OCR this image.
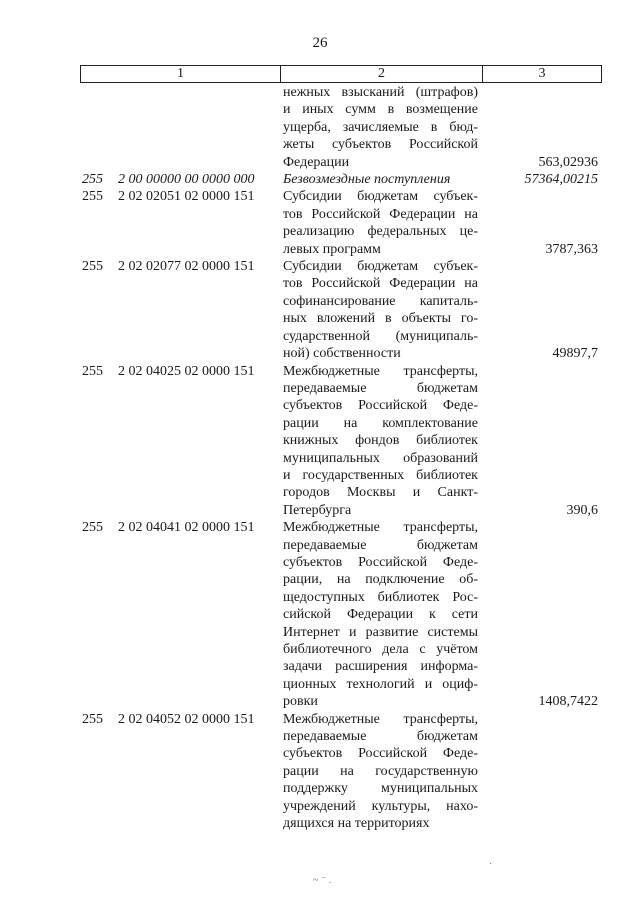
26
1	2	3
нежных взысканий (штрафов)
и иных сумм в возмещение
ущерба, зачисляемые в бюд-
жеты субъектов Российской
Федерации	563,02936
255 2 00 00000 00 0000 000 Безвозмездные поступления	57364,00215
255 2 02 02051 02 0000 151 Субсидии бюджетам субъек-
тов Российской Федерации на
реализацию федеральных це-
левых программ	3787,363
255 2 02 02077 02 0000 151 Субсидии бюджетам субъек-
тов Российской Федерации на
софинансирование капиталь-
ных вложений в объекты го-
сударственной (муниципаль-
ной) собственности	49897,7
255 2 02 04025 02 0000 151 Межбюджетные трансферты,
передаваемые бюджетам
субъектов Российской Феде-
рации на комплектование
книжных фондов библиотек
муниципальных образований
и государственных библиотек
городов Москвы и Санкт-
Петербурга	390,6
255 2 02 04041 02 0000 151 Межбюджетные трансферты,
передаваемые бюджетам
субъектов Российской Феде-
рации, на подключение об-
щедоступных библиотек Рос-
сийской Федерации к сети
Интернет и развитие системы
библиотечного дела с учётом
задачи расширения информа-
ционных технологий и оциф-
ровки	1408,7422
255 2 02 04052 02 0000 151 Межбюджетные трансферты,
передаваемые бюджетам
субъектов Российской Феде-
рации на государственную
поддержку муниципальных
учреждений культуры, нахо-
дящихся на территориях
~ ⁻ .
·
